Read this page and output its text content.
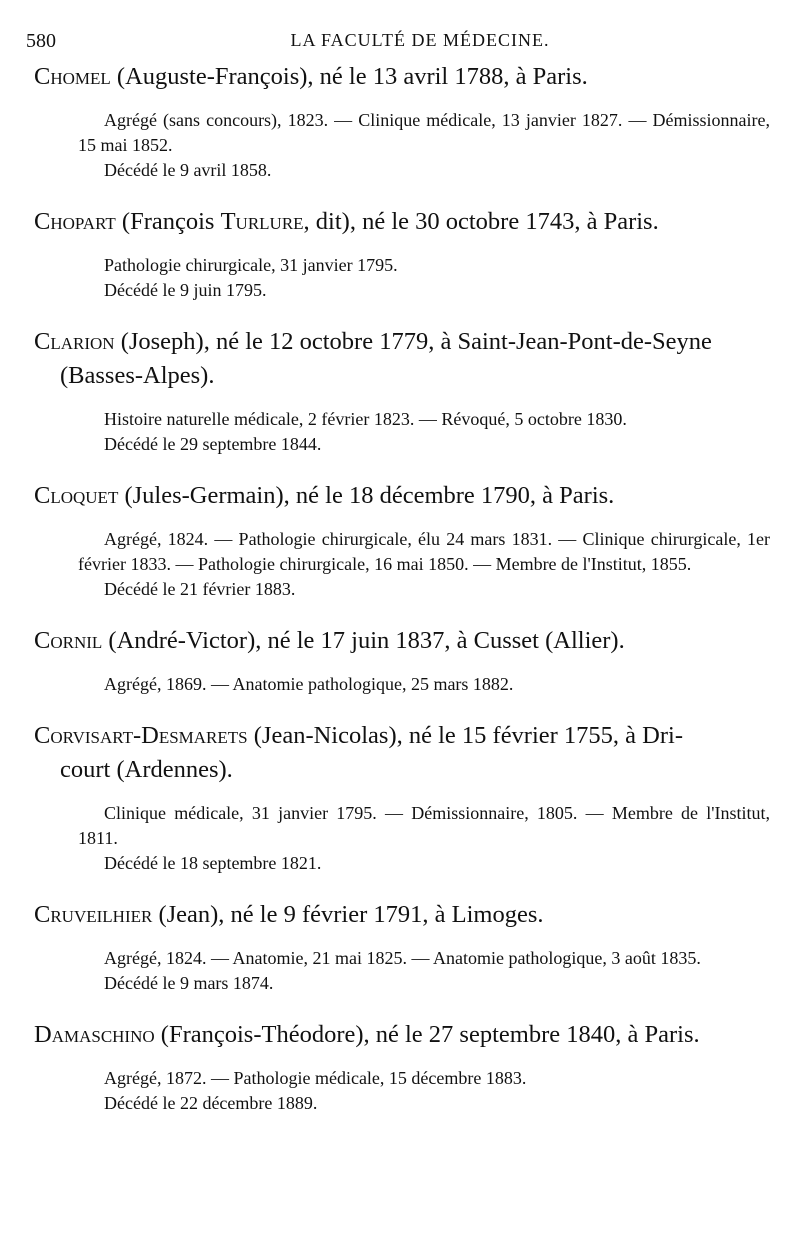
580	LA FACULTÉ DE MÉDECINE.
Chomel (Auguste-François), né le 13 avril 1788, à Paris.
Agrégé (sans concours), 1823. — Clinique médicale, 13 janvier 1827. — Démissionnaire, 15 mai 1852.
Décédé le 9 avril 1858.
Chopart (François Turlure, dit), né le 30 octobre 1743, à Paris.
Pathologie chirurgicale, 31 janvier 1795.
Décédé le 9 juin 1795.
Clarion (Joseph), né le 12 octobre 1779, à Saint-Jean-Pont-de-Seyne
(Basses-Alpes).
Histoire naturelle médicale, 2 février 1823. — Révoqué, 5 octobre 1830.
Décédé le 29 septembre 1844.
Cloquet (Jules-Germain), né le 18 décembre 1790, à Paris.
Agrégé, 1824. — Pathologie chirurgicale, élu 24 mars 1831. — Clinique chirurgicale, 1er février 1833. — Pathologie chirurgicale, 16 mai 1850. — Membre de l'Institut, 1855.
Décédé le 21 février 1883.
Cornil (André-Victor), né le 17 juin 1837, à Cusset (Allier).
Agrégé, 1869. — Anatomie pathologique, 25 mars 1882.
Corvisart-Desmarets (Jean-Nicolas), né le 15 février 1755, à Dri-
court (Ardennes).
Clinique médicale, 31 janvier 1795. — Démissionnaire, 1805. — Membre de l'Institut, 1811.
Décédé le 18 septembre 1821.
Cruveilhier (Jean), né le 9 février 1791, à Limoges.
Agrégé, 1824. — Anatomie, 21 mai 1825. — Anatomie pathologique, 3 août 1835.
Décédé le 9 mars 1874.
Damaschino (François-Théodore), né le 27 septembre 1840, à Paris.
Agrégé, 1872. — Pathologie médicale, 15 décembre 1883.
Décédé le 22 décembre 1889.
